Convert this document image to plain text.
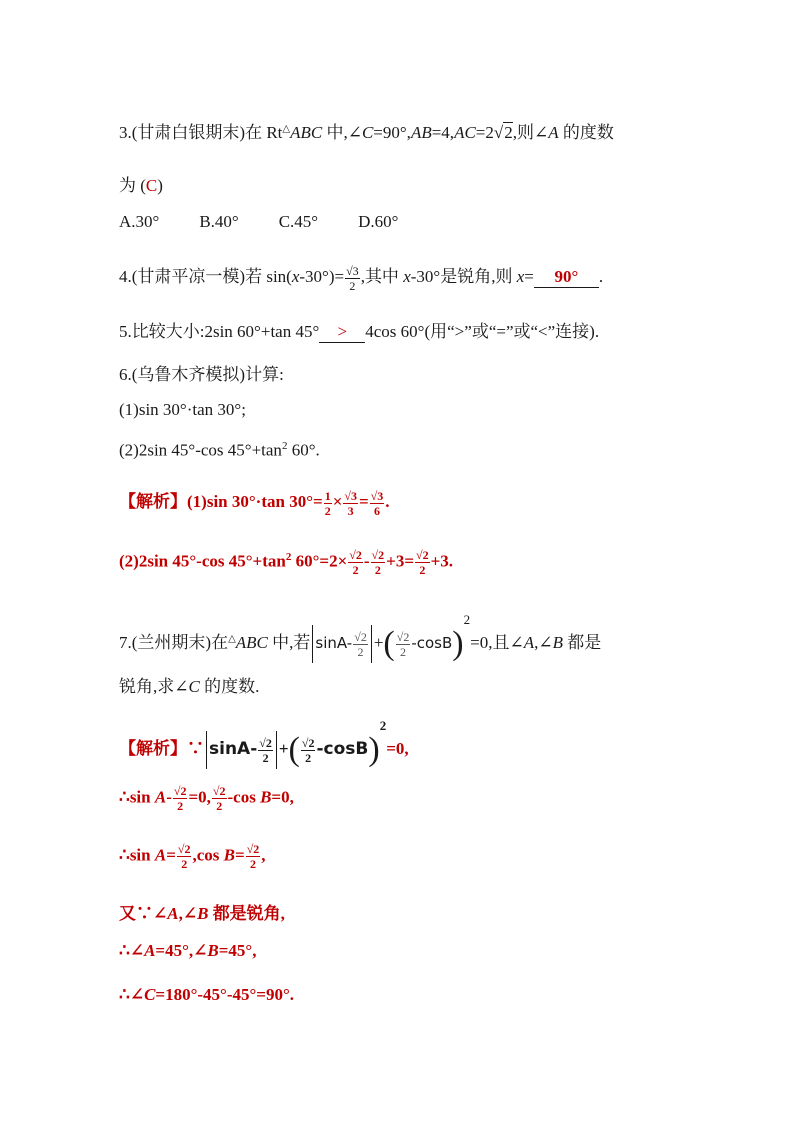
3.(甘肃白银期末)在 Rt△ABC 中,∠C=90°,AB=4,AC=2√2,则∠A 的度数
为 (C)
A.30° B.40° C.45° D.60°
4.(甘肃平凉一模)若 $\sin(x-30^\circ)= \frac{√3}{2}$ ,其中 x-30°是锐角,则 x= 90° .
5.比较大小:2sin 60°+tan 45° > 4cos 60°(用“>”或“=”或“<”连接).
6.(乌鲁木齐模拟)计算:
(1)sin 30°·tan 30°;
(2)2sin 45°-cos $45^\circ+\tan^2$ 60°.
【解析】(1)sin 30°·tan $30^\circ= \frac{1}{2} \times \frac{√3}{3} = \frac{√3}{6}$ .
(2)2sin 45°-cos $45^\circ+\tan^2$ $60^\circ=2\times \frac{√2}{2} - \frac{√2}{2} +3= \frac{√2}{2} +3$.
7.(兰州期末)在△ABC 中,若 $\sin A- \frac{√2}{2}$ +( $\frac{√2}{2} -\cos B)^2=0$,且∠A,∠B 都是
锐角,求∠C 的度数.
【解析】∵ $\sin A- \frac{√2}{2}$ +( $\frac{√2}{2} -\cos B)^2=0$,
∴sin $A- \frac{√2}{2} =0$, $\frac{√2}{2} -\cos$ B=0,
∴sin $A= \frac{√2}{2} ,\cos$ $B= \frac{√2}{2}$ ,
又∵∠A,∠B 都是锐角,
∴∠A=45°,∠B=45°,
∴∠C=180°-45°-45°=90°.
